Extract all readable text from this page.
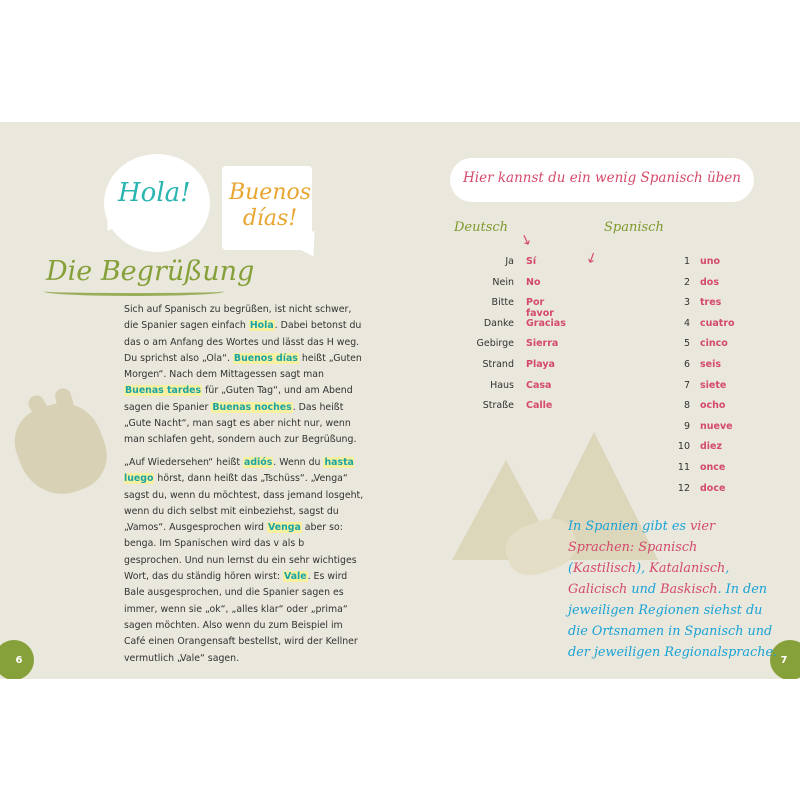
Hola! Buenos días!
Die Begrüßung
Sich auf Spanisch zu begrüßen, ist nicht schwer, die Spanier sagen einfach Hola. Dabei betonst du das o am Anfang des Wortes und lässt das H weg. Du sprichst also „Ola“. Buenos días heißt „Guten Morgen“. Nach dem Mittagessen sagt man Buenas tardes für „Guten Tag“, und am Abend sagen die Spanier Buenas noches. Das heißt „Gute Nacht“, man sagt es aber nicht nur, wenn man schlafen geht, sondern auch zur Begrüßung.
„Auf Wiedersehen“ heißt adiós. Wenn du hasta luego hörst, dann heißt das „Tschüss“. „Venga“ sagst du, wenn du möchtest, dass jemand losgeht, wenn du dich selbst mit einbeziehst, sagst du „Vamos“. Ausgesprochen wird Venga aber so: benga. Im Spanischen wird das v als b gesprochen. Und nun lernst du ein sehr wichtiges Wort, das du ständig hören wirst: Vale. Es wird Bale ausgesprochen, und die Spanier sagen es immer, wenn sie „ok“, „alles klar“ oder „prima“ sagen möchten. Also wenn du zum Beispiel im Café einen Orangensaft bestellst, wird der Kellner vermutlich „Vale“ sagen.
6	7
Hier kannst du ein wenig Spanisch üben
Deutsch	Spanisch
↘
↙
Ja Sí
Nein No
Bitte Por favor
Danke Gracias
Gebirge Sierra
Strand Playa
Haus Casa
Straße Calle
1 uno
2 dos
3 tres
4 cuatro
5 cinco
6 seis
7 siete
8 ocho
9 nueve
10 diez
11 once
12 doce
In Spanien gibt es vier Sprachen: Spanisch (Kastilisch), Katalanisch, Galicisch und Baskisch. In den jeweiligen Regionen siehst du die Ortsnamen in Spanisch und der jeweiligen Regionalsprache.
